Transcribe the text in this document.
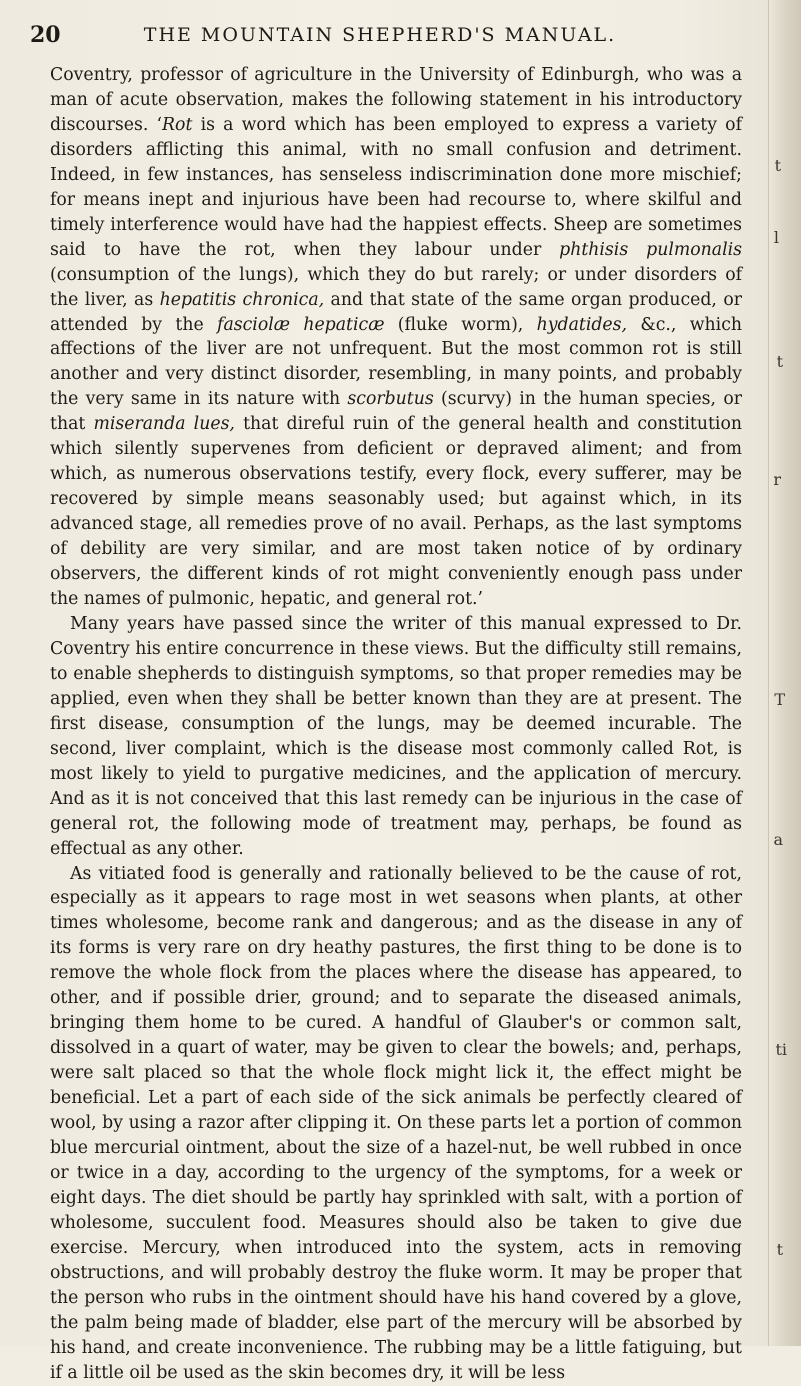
20	THE MOUNTAIN SHEPHERD'S MANUAL.

Coventry, professor of agriculture in the University of Edinburgh, who was a man of acute observation, makes the following statement in his introductory discourses. ‘Rot is a word which has been employed to express a variety of disorders afflicting this animal, with no small confusion and detriment. Indeed, in few instances, has senseless indiscrimination done more mischief; for means inept and injurious have been had recourse to, where skilful and timely interference would have had the happiest effects. Sheep are sometimes said to have the rot, when they labour under phthisis pulmonalis (consumption of the lungs), which they do but rarely; or under disorders of the liver, as hepatitis chronica, and that state of the same organ produced, or attended by the fasciolæ hepaticæ (fluke worm), hydatides, &c., which affections of the liver are not unfrequent. But the most common rot is still another and very distinct disorder, resembling, in many points, and probably the very same in its nature with scorbutus (scurvy) in the human species, or that miseranda lues, that direful ruin of the general health and constitution which silently supervenes from deficient or depraved aliment; and from which, as numerous observations testify, every flock, every sufferer, may be recovered by simple means seasonably used; but against which, in its advanced stage, all remedies prove of no avail. Perhaps, as the last symptoms of debility are very similar, and are most taken notice of by ordinary observers, the different kinds of rot might conveniently enough pass under the names of pulmonic, hepatic, and general rot.’

Many years have passed since the writer of this manual expressed to Dr. Coventry his entire concurrence in these views. But the difficulty still remains, to enable shepherds to distinguish symptoms, so that proper remedies may be applied, even when they shall be better known than they are at present. The first disease, consumption of the lungs, may be deemed incurable. The second, liver complaint, which is the disease most commonly called Rot, is most likely to yield to purgative medicines, and the application of mercury. And as it is not conceived that this last remedy can be injurious in the case of general rot, the following mode of treatment may, perhaps, be found as effectual as any other.

As vitiated food is generally and rationally believed to be the cause of rot, especially as it appears to rage most in wet seasons when plants, at other times wholesome, become rank and dangerous; and as the disease in any of its forms is very rare on dry heathy pastures, the first thing to be done is to remove the whole flock from the places where the disease has appeared, to other, and if possible drier, ground; and to separate the diseased animals, bringing them home to be cured. A handful of Glauber's or common salt, dissolved in a quart of water, may be given to clear the bowels; and, perhaps, were salt placed so that the whole flock might lick it, the effect might be beneficial. Let a part of each side of the sick animals be perfectly cleared of wool, by using a razor after clipping it. On these parts let a portion of common blue mercurial ointment, about the size of a hazel-nut, be well rubbed in once or twice in a day, according to the urgency of the symptoms, for a week or eight days. The diet should be partly hay sprinkled with salt, with a portion of wholesome, succulent food. Measures should also be taken to give due exercise. Mercury, when introduced into the system, acts in removing obstructions, and will probably destroy the fluke worm. It may be proper that the person who rubs in the ointment should have his hand covered by a glove, the palm being made of bladder, else part of the mercury will be absorbed by his hand, and create inconvenience. The rubbing may be a little fatiguing, but if a little oil be used as the skin becomes dry, it will be less

t
l
t
r
T
a
ti
t
